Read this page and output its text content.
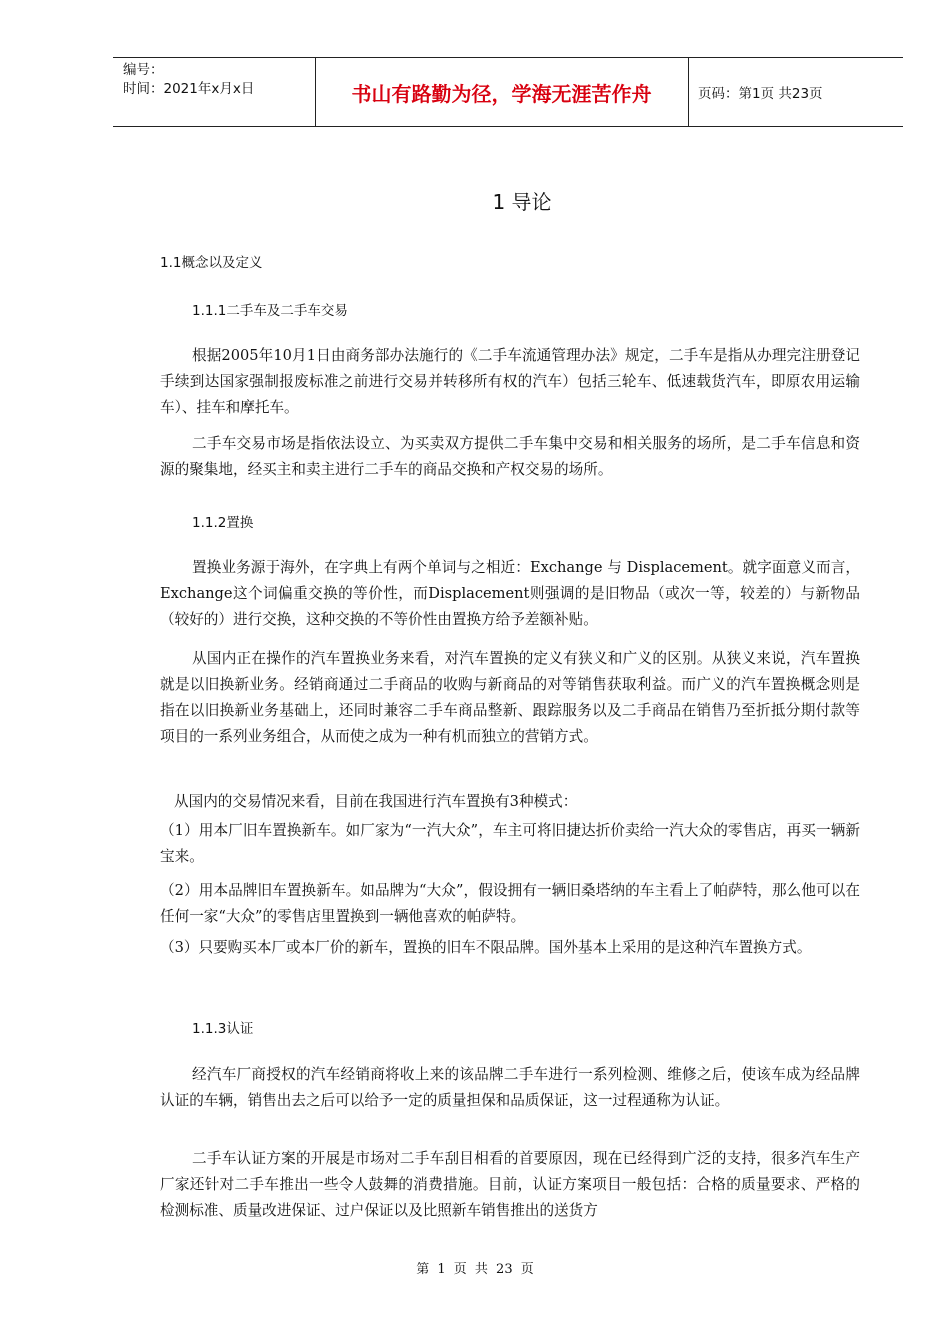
编号：
时间：2021年x月x日	书山有路勤为径，学海无涯苦作舟	页码：第1页 共23页
1 导论
1.1概念以及定义
1.1.1二手车及二手车交易
根据2005年10月1日由商务部办法施行的《二手车流通管理办法》规定，二手车是指从办理完注册登记手续到达国家强制报废标准之前进行交易并转移所有权的汽车）包括三轮车、低速载货汽车，即原农用运输车）、挂车和摩托车。
二手车交易市场是指依法设立、为买卖双方提供二手车集中交易和相关服务的场所，是二手车信息和资源的聚集地，经买主和卖主进行二手车的商品交换和产权交易的场所。
1.1.2置换
置换业务源于海外，在字典上有两个单词与之相近：Exchange 与 Displacement。就字面意义而言，Exchange这个词偏重交换的等价性，而Displacement则强调的是旧物品（或次一等，较差的）与新物品（较好的）进行交换，这种交换的不等价性由置换方给予差额补贴。
从国内正在操作的汽车置换业务来看，对汽车置换的定义有狭义和广义的区别。从狭义来说，汽车置换就是以旧换新业务。经销商通过二手商品的收购与新商品的对等销售获取利益。而广义的汽车置换概念则是指在以旧换新业务基础上，还同时兼容二手车商品整新、跟踪服务以及二手商品在销售乃至折抵分期付款等项目的一系列业务组合，从而使之成为一种有机而独立的营销方式。
从国内的交易情况来看，目前在我国进行汽车置换有3种模式：
（1）用本厂旧车置换新车。如厂家为“一汽大众”，车主可将旧捷达折价卖给一汽大众的零售店，再买一辆新宝来。
（2）用本品牌旧车置换新车。如品牌为“大众”，假设拥有一辆旧桑塔纳的车主看上了帕萨特，那么他可以在任何一家“大众”的零售店里置换到一辆他喜欢的帕萨特。
（3）只要购买本厂或本厂价的新车，置换的旧车不限品牌。国外基本上采用的是这种汽车置换方式。
1.1.3认证
经汽车厂商授权的汽车经销商将收上来的该品牌二手车进行一系列检测、维修之后，使该车成为经品牌认证的车辆，销售出去之后可以给予一定的质量担保和品质保证，这一过程通称为认证。
二手车认证方案的开展是市场对二手车刮目相看的首要原因，现在已经得到广泛的支持，很多汽车生产厂家还针对二手车推出一些令人鼓舞的消费措施。目前，认证方案项目一般包括：合格的质量要求、严格的检测标准、质量改进保证、过户保证以及比照新车销售推出的送货方
第 1 页 共 23 页
